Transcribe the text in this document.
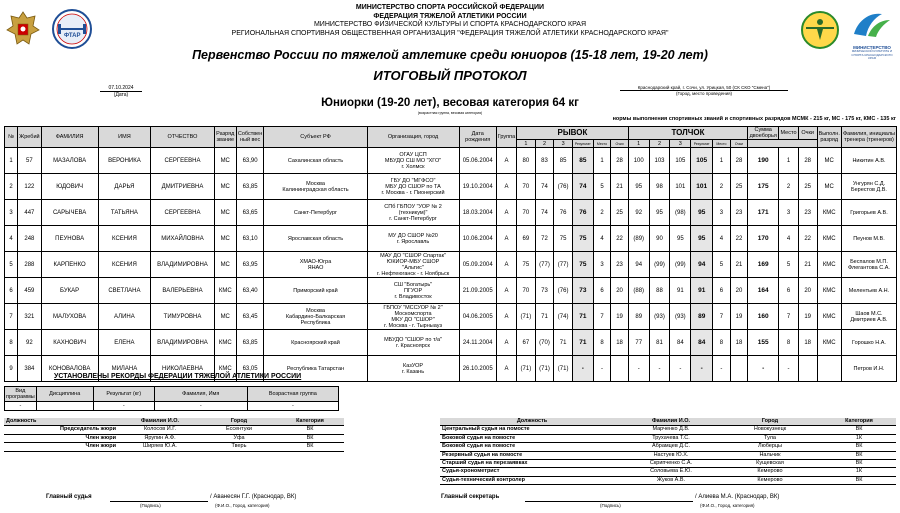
ФТАР
МИНИСТЕРСТВО
ФИЗИЧЕСКОЙ КУЛЬТУРЫ И СПОРТА КРАСНОДАРСКОГО КРАЯ
МИНИСТЕРСТВО СПОРТА РОССИЙСКОЙ ФЕДЕРАЦИИ
ФЕДЕРАЦИЯ ТЯЖЕЛОЙ АТЛЕТИКИ РОССИИ
МИНИСТЕРСТВО ФИЗИЧЕСКОЙ КУЛЬТУРЫ И СПОРТА КРАСНОДАРСКОГО КРАЯ
РЕГИОНАЛЬНАЯ СПОРТИВНАЯ ОБЩЕСТВЕННАЯ ОРГАНИЗАЦИЯ "ФЕДЕРАЦИЯ ТЯЖЕЛОЙ АТЛЕТИКИ КРАСНОДАРСКОГО КРАЯ"
Первенство России по тяжелой атлетике среди юниоров (15-18 лет, 19-20 лет)
ИТОГОВЫЙ ПРОТОКОЛ
07.10.2024
(Дата)
Краснодарский край, г. Сочи, ул. Урицкая, 50 (СК СКО "Смена")
(Город, место проведения)
Юниорки (19-20 лет), весовая категория 64 кг
(возрастная группа, весовая категория)
нормы выполнения спортивных званий и спортивных разрядов МСМК - 215 кг, МС - 175 кг, КМС - 135 кг
№	Жребий	ФАМИЛИЯ	ИМЯ	ОТЧЕСТВО	Разряд звание	Собствен ный вес	Субъект РФ	Организация, город	Дата рождения	Группа	РЫВОК						ТОЛЧОК						Сумма двоеборья	Место	Очки	Выполн. разряд	Фамилия, инициалы тренера (тренеров)
											1	2	3	Результат	Место	Очки	1	2	3	Результат	Место	Очки					
1	57	МАЗАЛОВА	ВЕРОНИКА	СЕРГЕЕВНА	МС	63,90	Сахалинская область	ОГАУ ЦСП
МБУДО СШ МО "ХГО"
г. Холмск	05.06.2004	А	80	83	85	85	1	28	100	103	105	105	1	28	190	1	28	МС	Никитин А.В.
2	122	ЮДОВИЧ	ДАРЬЯ	ДМИТРИЕВНА	МС	63,85	Москва
Калининградская область	ГБУ ДО "МГФСО"
МБУ ДО СШОР по ТА
г. Москва - г. Пионерский	19.10.2004	А	70	74	(76)	74	5	21	95	98	101	101	2	25	175	2	25	МС	Унгурян С.Д.
Берестов Д.В.
3	447	САРЫЧЕВА	ТАТЬЯНА	СЕРГЕЕВНА	МС	63,65	Санкт-Петербург	СПб ГБПОУ "УОР № 2
(техникум)"
г. Санкт-Петербург	18.03.2004	А	70	74	76	76	2	25	92	95	(98)	95	3	23	171	3	23	КМС	Григорьев А.В.
4	248	ПЕУНОВА	КСЕНИЯ	МИХАЙЛОВНА	МС	63,10	Ярославская область	МУ ДО СШОР №20
г. Ярославль	10.06.2004	А	69	72	75	75	4	22	(89)	90	95	95	4	22	170	4	22	КМС	Пеунов М.В.
5	288	КАРПЕНКО	КСЕНИЯ	ВЛАДИМИРОВНА	МС	63,95	ХМАО-Югра
ЯНАО	МАУ ДО "СШОР Спартак"
ЮКИОР-МБУ СШОР
"Альтис"
г. Нефтеюганск - г. Ноябрьск	05.09.2004	А	75	(77)	(77)	75	3	23	94	(99)	(99)	94	5	21	169	5	21	КМС	Беспалов М.П.
Флегантова С.А.
6	459	БУКАР	СВЕТЛАНА	ВАЛЕРЬЕВНА	КМС	63,40	Приморский край	СШ "Богатырь"
ПГУОР
г. Владивосток	21.09.2005	А	70	73	(76)	73	6	20	(88)	88	91	91	6	20	164	6	20	КМС	Мелентьев А.Н.
7	321	МАЛУХОВА	АЛИНА	ТИМУРОВНА	МС	63,45	Москва
Кабардино-Балкарская
Республика	ГБПОУ "МССУОР № 2"
Москомспорта
МКУ ДО "СШОР"
г. Москва - г. Тырныауз	04.06.2005	А	(71)	71	(74)	71	7	19	89	(93)	(93)	89	7	19	160	7	19	КМС	Шаов М.С.
Дмитриев А.В.
8	92	КАХНОВИЧ	ЕЛЕНА	ВЛАДИМИРОВНА	КМС	63,85	Красноярский край	МБУДО "СШОР по т/а"
г. Красноярск	24.11.2004	А	67	(70)	71	71	8	18	77	81	84	84	8	18	155	8	18	КМС	Горошко Н.А.
9	384	КОНОВАЛОВА	МИЛАНА	НИКОЛАЕВНА	КМС	63,05	Республика Татарстан	КазУОР
г. Казань	26.10.2005	А	(71)	(71)	(71)	-	-		-	-	-	-	-		-	-			Петров И.Н.
УСТАНОВЛЕНЫ РЕКОРДЫ ФЕДЕРАЦИИ ТЯЖЕЛОЙ АТЛЕТИКИ РОССИИ
Вид программы	Дисциплина	Результат (кг)	Фамилия, Имя	Возрастная группа
-		-	-	-
Должность	Фамилия И.О.	Город	Категория
Председатель жюри	Колосов И.Г.	Ессентуки	ВК
Член жюри	Ярупин А.Ф.	Уфа	ВК
Член жюри	Ширяев Ю.А.	Тверь	ВК
Должность	Фамилия И.О.	Город	Категория
Центральный судья на помосте	Марченко Д.В.	Новокузнецк	ВК
Боковой судья на помосте	Трухачева Т.С.	Тула	1К
Боковой судья на помосте	Абрамцев Д.С.	Люберцы	ВК
Резервный судья на помосте	Настуев Ю.Х.	Нальчик	ВК
Старший судья на перезаявках	Скрипченко С.А.	Кущевская	ВК
Судья-хронометрист	Соловьева Е.Ю.	Кемерово	1К
Судья-технический контролер	Жуков А.В.	Кемерово	ВК
Главный судья	/ Аванесян Г.Г. (Краснодар, ВК)
(Подпись)	(Ф.И.О., Город, категория)
Главный секретарь	/ Алиева М.А. (Краснодар, ВК)
(Подпись)	(Ф.И.О., Город, категория)
